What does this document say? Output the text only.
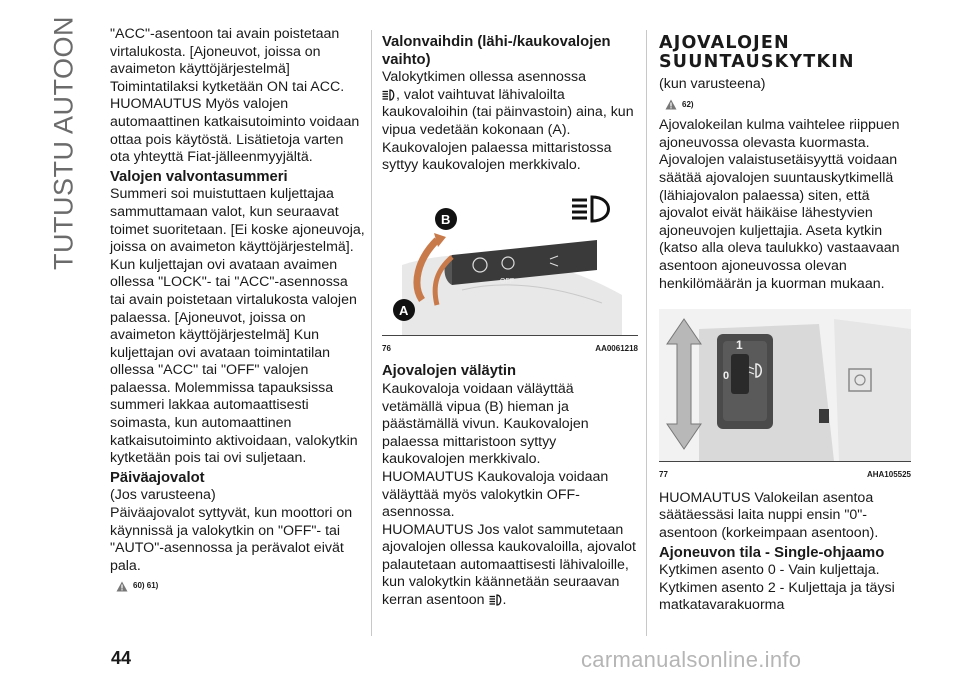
TUTUSTU AUTOON "ACC"-asentoon tai avain poistetaan virtalukosta. [Ajoneuvot, joissa on avaimeton käyttöjärjestelmä] Toimintatilaksi kytketään ON tai ACC. HUOMAUTUS Myös valojen automaattinen katkaisutoiminto voidaan ottaa pois käytöstä. Lisätietoja varten ota yhteyttä Fiat-jälleenmyyjältä.

Valojen valvontasummeri

Summeri soi muistuttaen kuljettajaa sammuttamaan valot, kun seuraavat toimet suoritetaan. [Ei koske ajoneuvoja, joissa on avaimeton käyttöjärjestelmä].

Kun kuljettajan ovi avataan avaimen ollessa "LOCK"- tai "ACC"-asennossa tai avain poistetaan virtalukosta valojen palaessa. [Ajoneuvot, joissa on avaimeton käyttöjärjestelmä] Kun kuljettajan ovi avataan toimintatilan ollessa "ACC" tai "OFF" valojen palaessa. Molemmissa tapauksissa summeri lakkaa automaattisesti soimasta, kun automaattinen katkaisutoiminto aktivoidaan, valokytkin kytketään pois tai ovi suljetaan.

Päiväajovalot

(Jos varusteena)

Päiväajovalot syttyvät, kun moottori on käynnissä ja valokytkin on "OFF"- tai "AUTO"-asennossa ja perävalot eivät pala.

60) 61)
Valonvaihdin (lähi-/kaukovalojen vaihto)

Valokytkimen ollessa asennossa
, valot vaihtuvat lähivaloilta kaukovaloihin (tai päinvastoin) aina, kun vipua vedetään kokonaan (A). Kaukovalojen palaessa mittaristossa syttyy kaukovalojen merkkivalo.

OFF
B
A
76	AA0061218
Ajovalojen väläytin

Kaukovaloja voidaan väläyttää vetämällä vipua (B) hieman ja päästämällä vivun. Kaukovalojen palaessa mittaristoon syttyy kaukovalojen merkkivalo.

HUOMAUTUS Kaukovaloja voidaan väläyttää myös valokytkin OFF-asennossa.

HUOMAUTUS Jos valot sammutetaan ajovalojen ollessa kaukovaloilla, ajovalot palautetaan automaattisesti lähivaloille, kun valokytkin käännetään seuraavan kerran asentoon .

AJOVALOJEN
SUUNTAUSKYTKIN

(kun varusteena)

62)

Ajovalokeilan kulma vaihtelee riippuen ajoneuvossa olevasta kuormasta. Ajovalojen valaistusetäisyyttä voidaan säätää ajovalojen suuntauskytkimellä (lähiajovalon palaessa) siten, että ajovalot eivät häikäise lähestyvien ajoneuvojen kuljettajia. Aseta kytkin (katso alla oleva taulukko) vastaavaan asentoon ajoneuvossa olevan henkilömäärän ja kuorman mukaan.

1
0
77	AHA105525

HUOMAUTUS Valokeilan asentoa säätäessäsi laita nuppi ensin "0"-asentoon (korkeimpaan asentoon).

Ajoneuvon tila - Single-ohjaamo

Kytkimen asento 0 - Vain kuljettaja.

Kytkimen asento 2 - Kuljettaja ja täysi matkatavarakuorma

44	carmanualsonline.info
